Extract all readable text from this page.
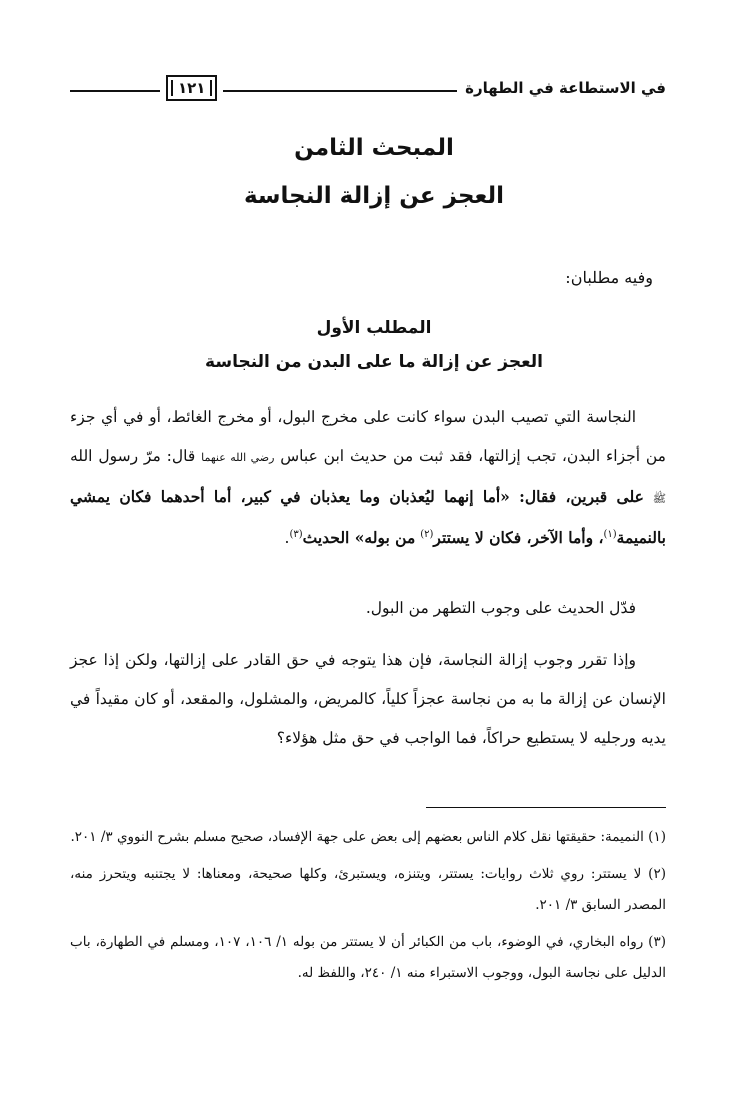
في الاستطاعة في الطهارة
١٢١
المبحث الثامن
العجز عن إزالة النجاسة
وفيه مطلبان:
المطلب الأول
العجز عن إزالة ما على البدن من النجاسة
النجاسة التي تصيب البدن سواء كانت على مخرج البول، أو مخرج الغائط، أو في أي جزء من أجزاء البدن، تجب إزالتها، فقد ثبت من حديث ابن عباس رضي الله عنهما قال: مرّ رسول الله ﷺ على قبرين، فقال: «أما إنهما ليُعذبان وما يعذبان في كبير، أما أحدهما فكان يمشي بالنميمة$^{(١)}$، وأما الآخر، فكان لا يستتر$^{(٢)}$ من بوله» الحديث$^{(٣)}$.
فدّل الحديث على وجوب التطهر من البول.
وإذا تقرر وجوب إزالة النجاسة، فإن هذا يتوجه في حق القادر على إزالتها، ولكن إذا عجز الإنسان عن إزالة ما به من نجاسة عجزاً كلياً، كالمريض، والمشلول، والمقعد، أو كان مقيداً في يديه ورجليه لا يستطيع حراكاً، فما الواجب في حق مثل هؤلاء؟
(١) النميمة: حقيقتها نقل كلام الناس بعضهم إلى بعض على جهة الإفساد، صحيح مسلم بشرح النووي ٣/ ٢٠١.
(٢) لا يستتر: روي ثلاث روايات: يستتر، ويتنزه، ويستبرئ، وكلها صحيحة، ومعناها: لا يجتنبه ويتحرز منه، المصدر السابق ٣/ ٢٠١.
(٣) رواه البخاري، في الوضوء، باب من الكبائر أن لا يستتر من بوله ١/ ١٠٦، ١٠٧، ومسلم في الطهارة، باب الدليل على نجاسة البول، ووجوب الاستبراء منه ١/ ٢٤٠، واللفظ له.
